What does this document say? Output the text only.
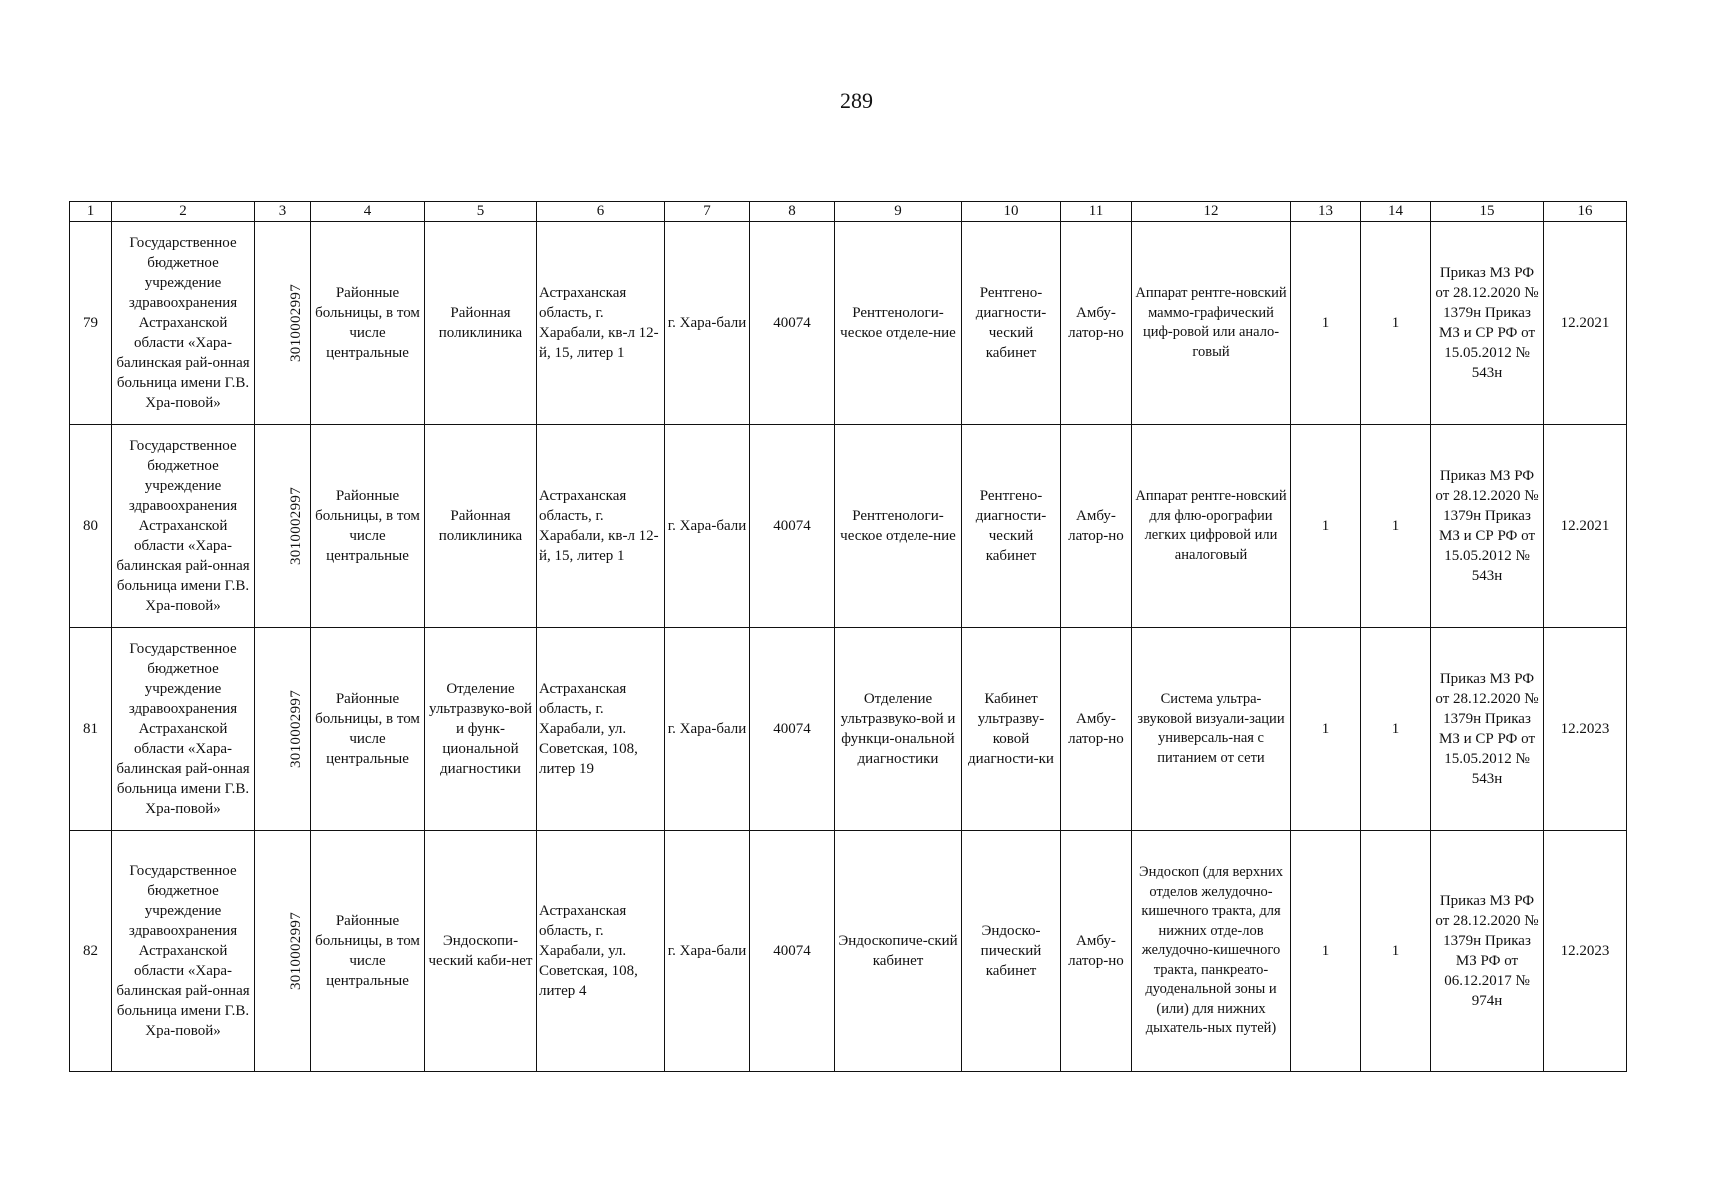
289
1	2	3	4	5	6	7	8	9	10	11	12	13	14	15	16
79	Государственное бюджетное учреждение здравоохранения Астраханской области «Хара-балинская рай-онная больница имени Г.В. Хра-повой»	3010002997	Районные больницы, в том числе центральные	Районная поликлиника	Астраханская область, г. Харабали, кв-л 12-й, 15, литер 1	г. Хара-бали	40074	Рентгенологи-ческое отделе-ние	Рентгено-диагности-ческий кабинет	Амбу-латор-но	Аппарат рентге-новский маммо-графический циф-ровой или анало-говый	1	1	Приказ МЗ РФ от 28.12.2020 № 1379н Приказ МЗ и СР РФ от 15.05.2012 № 543н	12.2021
80	Государственное бюджетное учреждение здравоохранения Астраханской области «Хара-балинская рай-онная больница имени Г.В. Хра-повой»	3010002997	Районные больницы, в том числе центральные	Районная поликлиника	Астраханская область, г. Харабали, кв-л 12-й, 15, литер 1	г. Хара-бали	40074	Рентгенологи-ческое отделе-ние	Рентгено-диагности-ческий кабинет	Амбу-латор-но	Аппарат рентге-новский для флю-орографии легких цифровой или аналоговый	1	1	Приказ МЗ РФ от 28.12.2020 № 1379н Приказ МЗ и СР РФ от 15.05.2012 № 543н	12.2021
81	Государственное бюджетное учреждение здравоохранения Астраханской области «Хара-балинская рай-онная больница имени Г.В. Хра-повой»	3010002997	Районные больницы, в том числе центральные	Отделение ультразвуко-вой и функ-циональной диагностики	Астраханская область, г. Харабали, ул. Советская, 108, литер 19	г. Хара-бали	40074	Отделение ультразвуко-вой и функци-ональной диагностики	Кабинет ультразву-ковой диагности-ки	Амбу-латор-но	Система ультра-звуковой визуали-зации универсаль-ная с питанием от сети	1	1	Приказ МЗ РФ от 28.12.2020 № 1379н Приказ МЗ и СР РФ от 15.05.2012 № 543н	12.2023
82	Государственное бюджетное учреждение здравоохранения Астраханской области «Хара-балинская рай-онная больница имени Г.В. Хра-повой»	3010002997	Районные больницы, в том числе центральные	Эндоскопи-ческий каби-нет	Астраханская область, г. Харабали, ул. Советская, 108, литер 4	г. Хара-бали	40074	Эндоскопиче-ский кабинет	Эндоско-пический кабинет	Амбу-латор-но	Эндоскоп (для верхних отделов желудочно-кишечного тракта, для нижних отде-лов желудочно-кишечного тракта, панкреато-дуоденальной зоны и (или) для нижних дыхатель-ных путей)	1	1	Приказ МЗ РФ от 28.12.2020 № 1379н Приказ МЗ РФ от 06.12.2017 № 974н	12.2023
